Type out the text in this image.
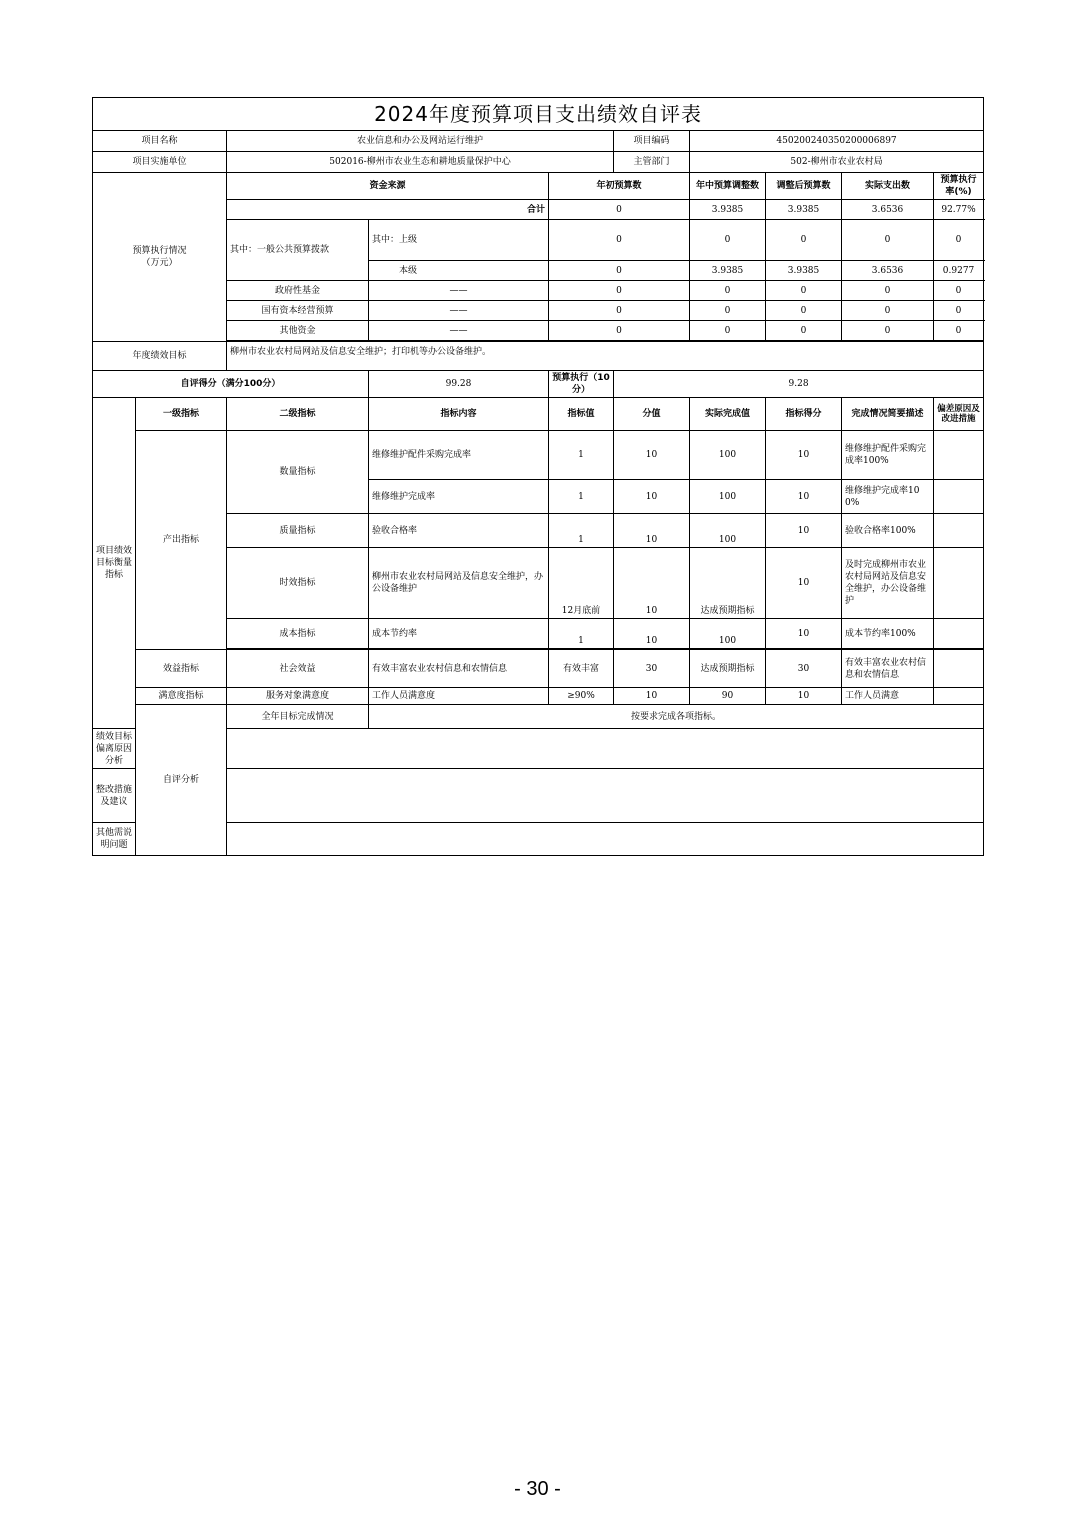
2024年度预算项目支出绩效自评表									
项目名称		农业信息和办公及网站运行维护			项目编码	450200240350200006897			
项目实施单位		502016-柳州市农业生态和耕地质量保护中心			主管部门	502-柳州市农业农村局			
预算执行情况
（万元）		资金来源		年初预算数		年中预算调整数	调整后预算数	实际支出数	预算执行率(%)
		合计		0		3.9385	3.9385	3.6536	92.77%
		其中：一般公共预算拨款	其中：上级	0		0	0	0	0
			本级	0		3.9385	3.9385	3.6536	0.9277
		政府性基金	——	0		0	0	0	0
		国有资本经营预算	——	0		0	0	0	0
		其他资金	——	0		0	0	0	0

年度绩效目标		柳州市农业农村局网站及信息安全维护；打印机等办公设备维护。							
自评得分（满分100分）			99.28	预算执行（10分）	9.28				
项目绩效目标衡量指标	一级指标	二级指标	指标内容	指标值	分值	实际完成值	指标得分	完成情况简要描述	偏差原因及改进措施
	产出指标	数量指标	维修维护配件采购完成率	1	10	100	10	维修维护配件采购完成率100%	
			维修维护完成率	1	10	100	10	维修维护完成率100%	
		质量指标	验收合格率	1	10	100	10	验收合格率100%	
		时效指标	柳州市农业农村局网站及信息安全维护，办公设备维护	12月底前	10	达成预期指标	10	及时完成柳州市农业农村局网站及信息安全维护，办公设备维护	
		成本指标	成本节约率	1	10	100	10	成本节约率100%	

	效益指标	社会效益	有效丰富农业农村信息和农情信息	有效丰富	30	达成预期指标	30	有效丰富农业农村信息和农情信息	
	满意度指标	服务对象满意度	工作人员满意度	≥90%	10	90	10	工作人员满意	
	自评分析	全年目标完成情况	按要求完成各项指标。						
绩效目标偏离原因分析									
整改措施及建议									
其他需说明问题									
- 30 -
